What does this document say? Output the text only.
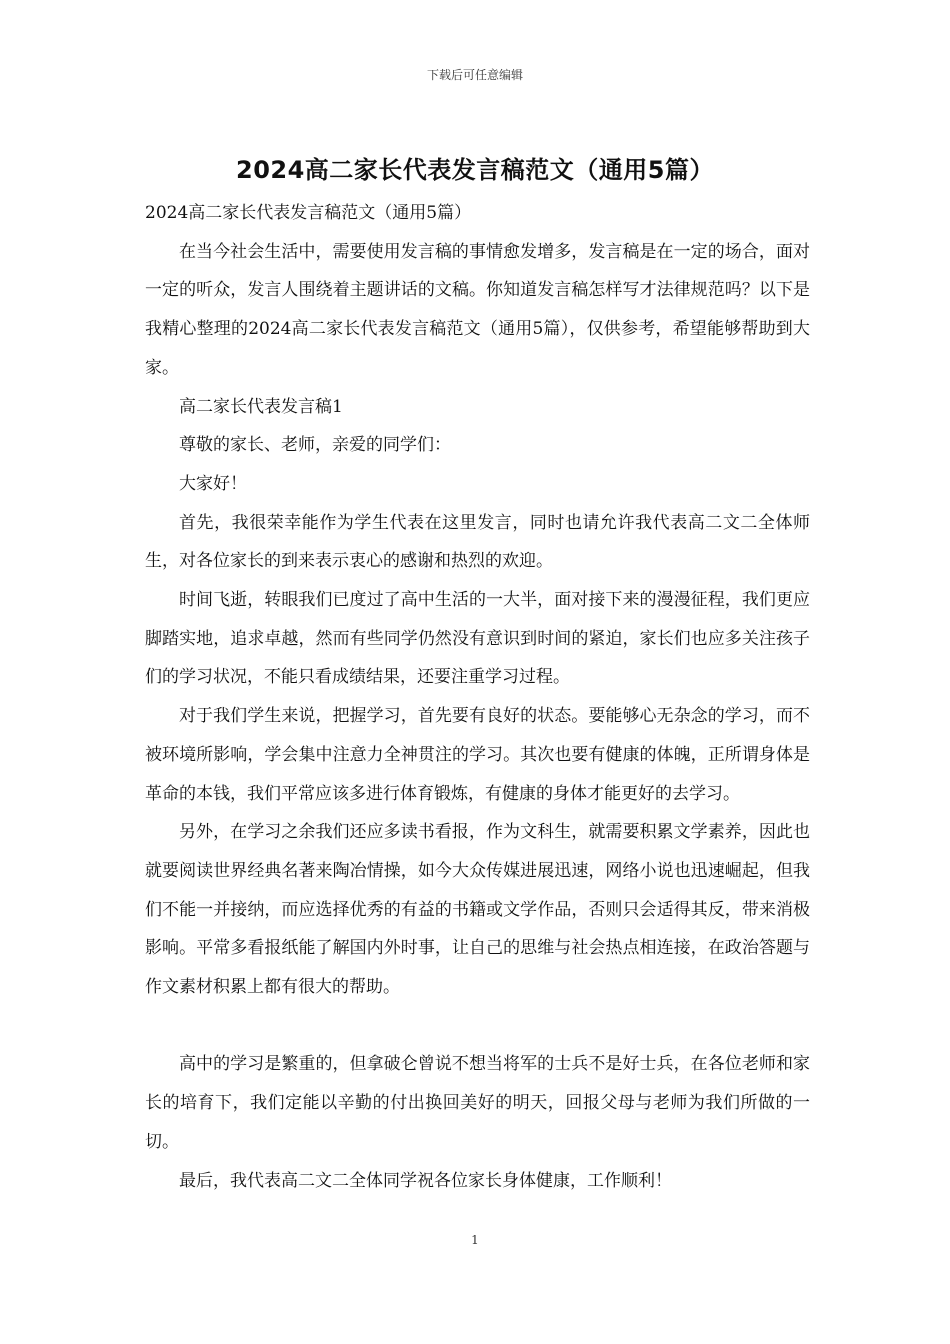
下载后可任意编辑
2024高二家长代表发言稿范文（通用5篇）

2024高二家长代表发言稿范文（通用5篇）

在当今社会生活中，需要使用发言稿的事情愈发增多，发言稿是在一定的场合，面对一定的听众，发言人围绕着主题讲话的文稿。你知道发言稿怎样写才法律规范吗？以下是我精心整理的2024高二家长代表发言稿范文（通用5篇），仅供参考，希望能够帮助到大家。

高二家长代表发言稿1

尊敬的家长、老师，亲爱的同学们：

大家好！

首先，我很荣幸能作为学生代表在这里发言，同时也请允许我代表高二文二全体师生，对各位家长的到来表示衷心的感谢和热烈的欢迎。

时间飞逝，转眼我们已度过了高中生活的一大半，面对接下来的漫漫征程，我们更应脚踏实地，追求卓越，然而有些同学仍然没有意识到时间的紧迫，家长们也应多关注孩子们的学习状况，不能只看成绩结果，还要注重学习过程。

对于我们学生来说，把握学习，首先要有良好的状态。要能够心无杂念的学习，而不被环境所影响，学会集中注意力全神贯注的学习。其次也要有健康的体魄，正所谓身体是革命的本钱，我们平常应该多进行体育锻炼，有健康的身体才能更好的去学习。

另外，在学习之余我们还应多读书看报，作为文科生，就需要积累文学素养，因此也就要阅读世界经典名著来陶冶情操，如今大众传媒进展迅速，网络小说也迅速崛起，但我们不能一并接纳，而应选择优秀的有益的书籍或文学作品，否则只会适得其反，带来消极影响。平常多看报纸能了解国内外时事，让自己的思维与社会热点相连接，在政治答题与作文素材积累上都有很大的帮助。

高中的学习是繁重的，但拿破仑曾说不想当将军的士兵不是好士兵，在各位老师和家长的培育下，我们定能以辛勤的付出换回美好的明天，回报父母与老师为我们所做的一切。

最后，我代表高二文二全体同学祝各位家长身体健康，工作顺利！

1
